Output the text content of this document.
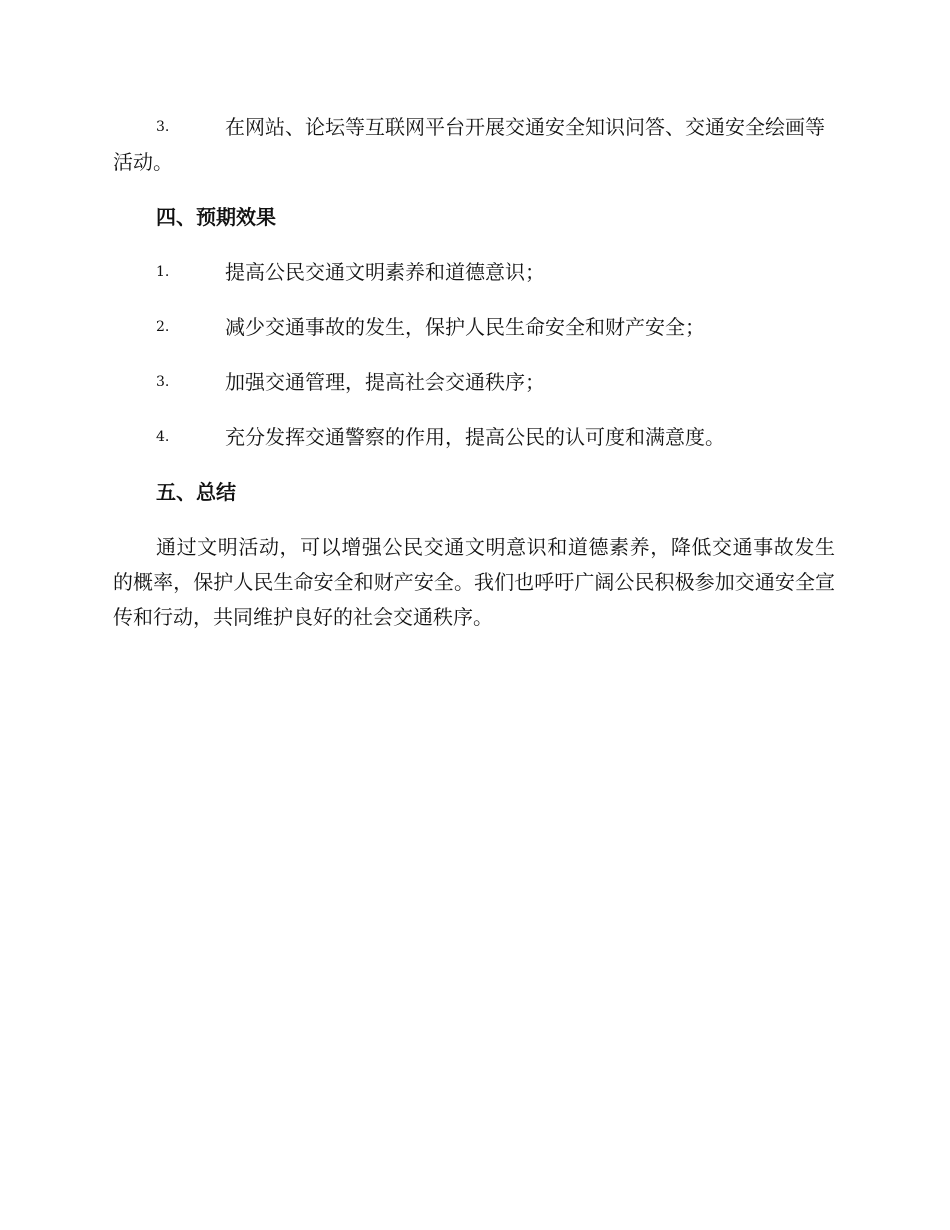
3.	在网站、论坛等互联网平台开展交通安全知识问答、交通安全绘画等活动。
四、预期效果
1.	提高公民交通文明素养和道德意识；
2.	减少交通事故的发生，保护人民生命安全和财产安全；
3.	加强交通管理，提高社会交通秩序；
4.	充分发挥交通警察的作用，提高公民的认可度和满意度。
五、总结
通过文明活动，可以增强公民交通文明意识和道德素养，降低交通事故发生的概率，保护人民生命安全和财产安全。我们也呼吁广阔公民积极参加交通安全宣传和行动，共同维护良好的社会交通秩序。
